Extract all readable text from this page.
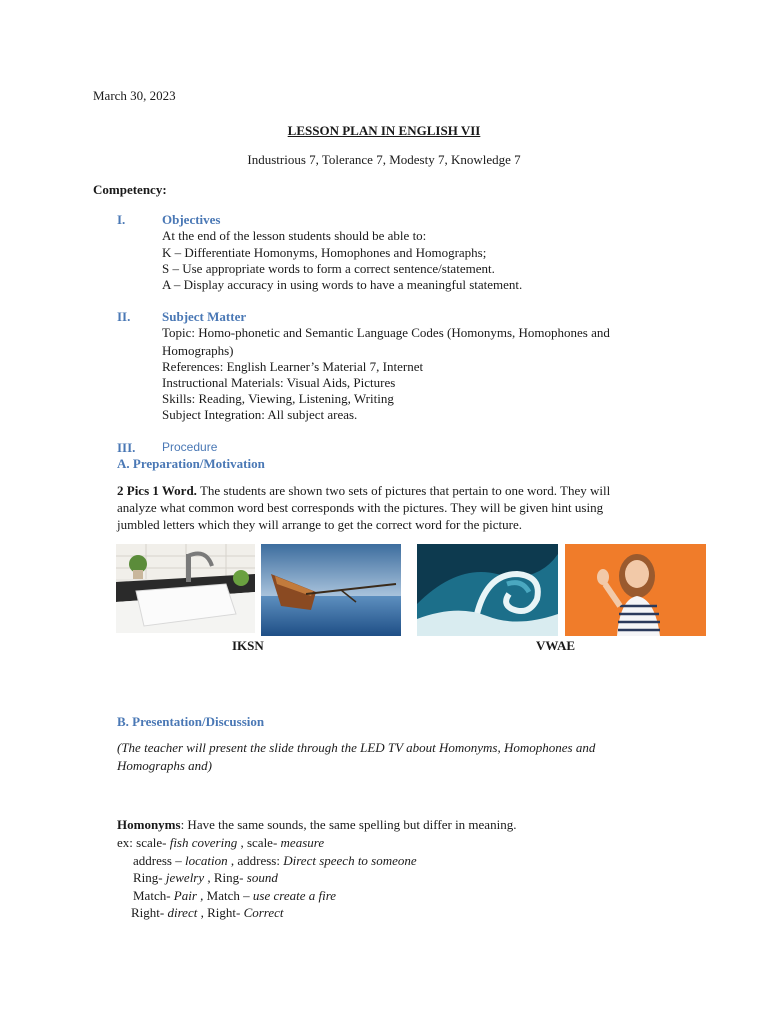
March 30, 2023
LESSON PLAN IN ENGLISH VII
Industrious 7, Tolerance 7, Modesty 7, Knowledge 7
Competency:
I.	Objectives
At the end of the lesson students should be able to:
K – Differentiate Homonyms, Homophones and Homographs;
S – Use appropriate words to form a correct sentence/statement.
A – Display accuracy in using words to have a meaningful statement.
II. Subject Matter
Topic: Homo-phonetic and Semantic Language Codes (Homonyms, Homophones and
Homographs)
References: English Learner’s Material 7, Internet
Instructional Materials: Visual Aids, Pictures
Skills: Reading, Viewing, Listening, Writing
Subject Integration: All subject areas.
III. Procedure
A. Preparation/Motivation
2 Pics 1 Word. The students are shown two sets of pictures that pertain to one word. They will
analyze what common word best corresponds with the pictures. They will be given hint using
jumbled letters which they will arrange to get the correct word for the picture.
IKSN	VWAE
B. Presentation/Discussion
(The teacher will present the slide through the LED TV about Homonyms, Homophones and
Homographs and)
Homonyms: Have the same sounds, the same spelling but differ in meaning.
ex: scale- fish covering , scale- measure
address – location , address: Direct speech to someone
Ring- jewelry , Ring- sound
Match- Pair , Match – use create a fire
Right- direct , Right- Correct
